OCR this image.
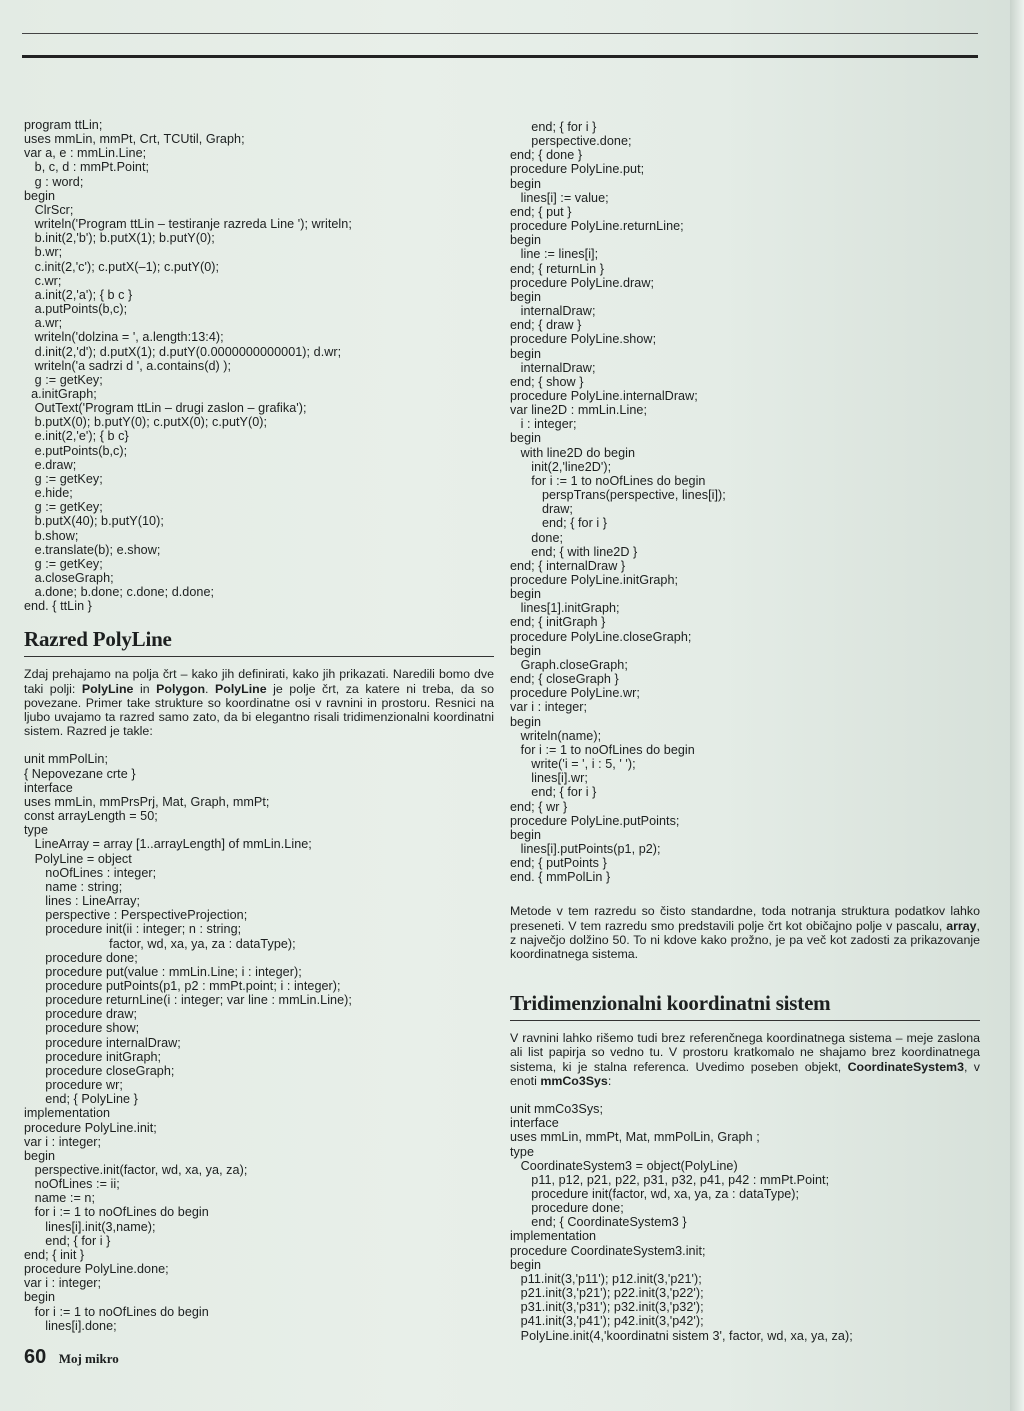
program ttLin;
uses mmLin, mmPt, Crt, TCUtil, Graph;
var a, e : mmLin.Line;
b, c, d : mmPt.Point;
g : word;
begin
ClrScr;
writeln('Program ttLin – testiranje razreda Line '); writeln;
b.init(2,'b'); b.putX(1); b.putY(0);
b.wr;
c.init(2,'c'); c.putX(–1); c.putY(0);
c.wr;
a.init(2,'a'); { b c }
a.putPoints(b,c);
a.wr;
writeln('dolzina = ', a.length:13:4);
d.init(2,'d'); d.putX(1); d.putY(0.0000000000001); d.wr;
writeln('a sadrzi d ', a.contains(d) );
g := getKey;
a.initGraph;
OutText('Program ttLin – drugi zaslon – grafika');
b.putX(0); b.putY(0); c.putX(0); c.putY(0);
e.init(2,'e'); { b c}
e.putPoints(b,c);
e.draw;
g := getKey;
e.hide;
g := getKey;
b.putX(40); b.putY(10);
b.show;
e.translate(b); e.show;
g := getKey;
a.closeGraph;
a.done; b.done; c.done; d.done;
end. { ttLin }
Razred PolyLine

Zdaj prehajamo na polja črt – kako jih definirati, kako jih prikazati. Naredili bomo dve taki polji: PolyLine in Polygon. PolyLine je polje črt, za katere ni treba, da so povezane. Primer take strukture so koordinatne osi v ravnini in prostoru. Resnici na ljubo uvajamo ta razred samo zato, da bi elegantno risali tridimenzionalni koordinatni sistem. Razred je takle:

unit mmPolLin;
{ Nepovezane crte }
interface
uses mmLin, mmPrsPrj, Mat, Graph, mmPt;
const arrayLength = 50;
type
LineArray = array [1..arrayLength] of mmLin.Line;
PolyLine = object
noOfLines : integer;
name : string;
lines : LineArray;
perspective : PerspectiveProjection;
procedure init(ii : integer; n : string;
factor, wd, xa, ya, za : dataType);
procedure done;
procedure put(value : mmLin.Line; i : integer);
procedure putPoints(p1, p2 : mmPt.point; i : integer);
procedure returnLine(i : integer; var line : mmLin.Line);
procedure draw;
procedure show;
procedure internalDraw;
procedure initGraph;
procedure closeGraph;
procedure wr;
end; { PolyLine }
implementation
procedure PolyLine.init;
var i : integer;
begin
perspective.init(factor, wd, xa, ya, za);
noOfLines := ii;
name := n;
for i := 1 to noOfLines do begin
lines[i].init(3,name);
end; { for i }
end; { init }
procedure PolyLine.done;
var i : integer;
begin
for i := 1 to noOfLines do begin
lines[i].done;
end; { for i }
perspective.done;
end; { done }
procedure PolyLine.put;
begin
lines[i] := value;
end; { put }
procedure PolyLine.returnLine;
begin
line := lines[i];
end; { returnLin }
procedure PolyLine.draw;
begin
internalDraw;
end; { draw }
procedure PolyLine.show;
begin
internalDraw;
end; { show }
procedure PolyLine.internalDraw;
var line2D : mmLin.Line;
i : integer;
begin
with line2D do begin
init(2,'line2D');
for i := 1 to noOfLines do begin
perspTrans(perspective, lines[i]);
draw;
end; { for i }
done;
end; { with line2D }
end; { internalDraw }
procedure PolyLine.initGraph;
begin
lines[1].initGraph;
end; { initGraph }
procedure PolyLine.closeGraph;
begin
Graph.closeGraph;
end; { closeGraph }
procedure PolyLine.wr;
var i : integer;
begin
writeln(name);
for i := 1 to noOfLines do begin
write('i = ', i : 5, ' ');
lines[i].wr;
end; { for i }
end; { wr }
procedure PolyLine.putPoints;
begin
lines[i].putPoints(p1, p2);
end; { putPoints }
end. { mmPolLin }

Metode v tem razredu so čisto standardne, toda notranja struktura podatkov lahko preseneti. V tem razredu smo predstavili polje črt kot običajno polje v pascalu, array, z največjo dolžino 50. To ni kdove kako prožno, je pa več kot zadosti za prikazovanje koordinatnega sistema.

Tridimenzionalni koordinatni sistem

V ravnini lahko rišemo tudi brez referenčnega koordinatnega sistema – meje zaslona ali list papirja so vedno tu. V prostoru kratkomalo ne shajamo brez koordinatnega sistema, ki je stalna referenca. Uvedimo poseben objekt, CoordinateSystem3, v enoti mmCo3Sys:

unit mmCo3Sys;
interface
uses mmLin, mmPt, Mat, mmPolLin, Graph ;
type
CoordinateSystem3 = object(PolyLine)
p11, p12, p21, p22, p31, p32, p41, p42 : mmPt.Point;
procedure init(factor, wd, xa, ya, za : dataType);
procedure done;
end; { CoordinateSystem3 }
implementation
procedure CoordinateSystem3.init;
begin
p11.init(3,'p11'); p12.init(3,'p21');
p21.init(3,'p21'); p22.init(3,'p22');
p31.init(3,'p31'); p32.init(3,'p32');
p41.init(3,'p41'); p42.init(3,'p42');
PolyLine.init(4,'koordinatni sistem 3', factor, wd, xa, ya, za);
60 Moj mikro
